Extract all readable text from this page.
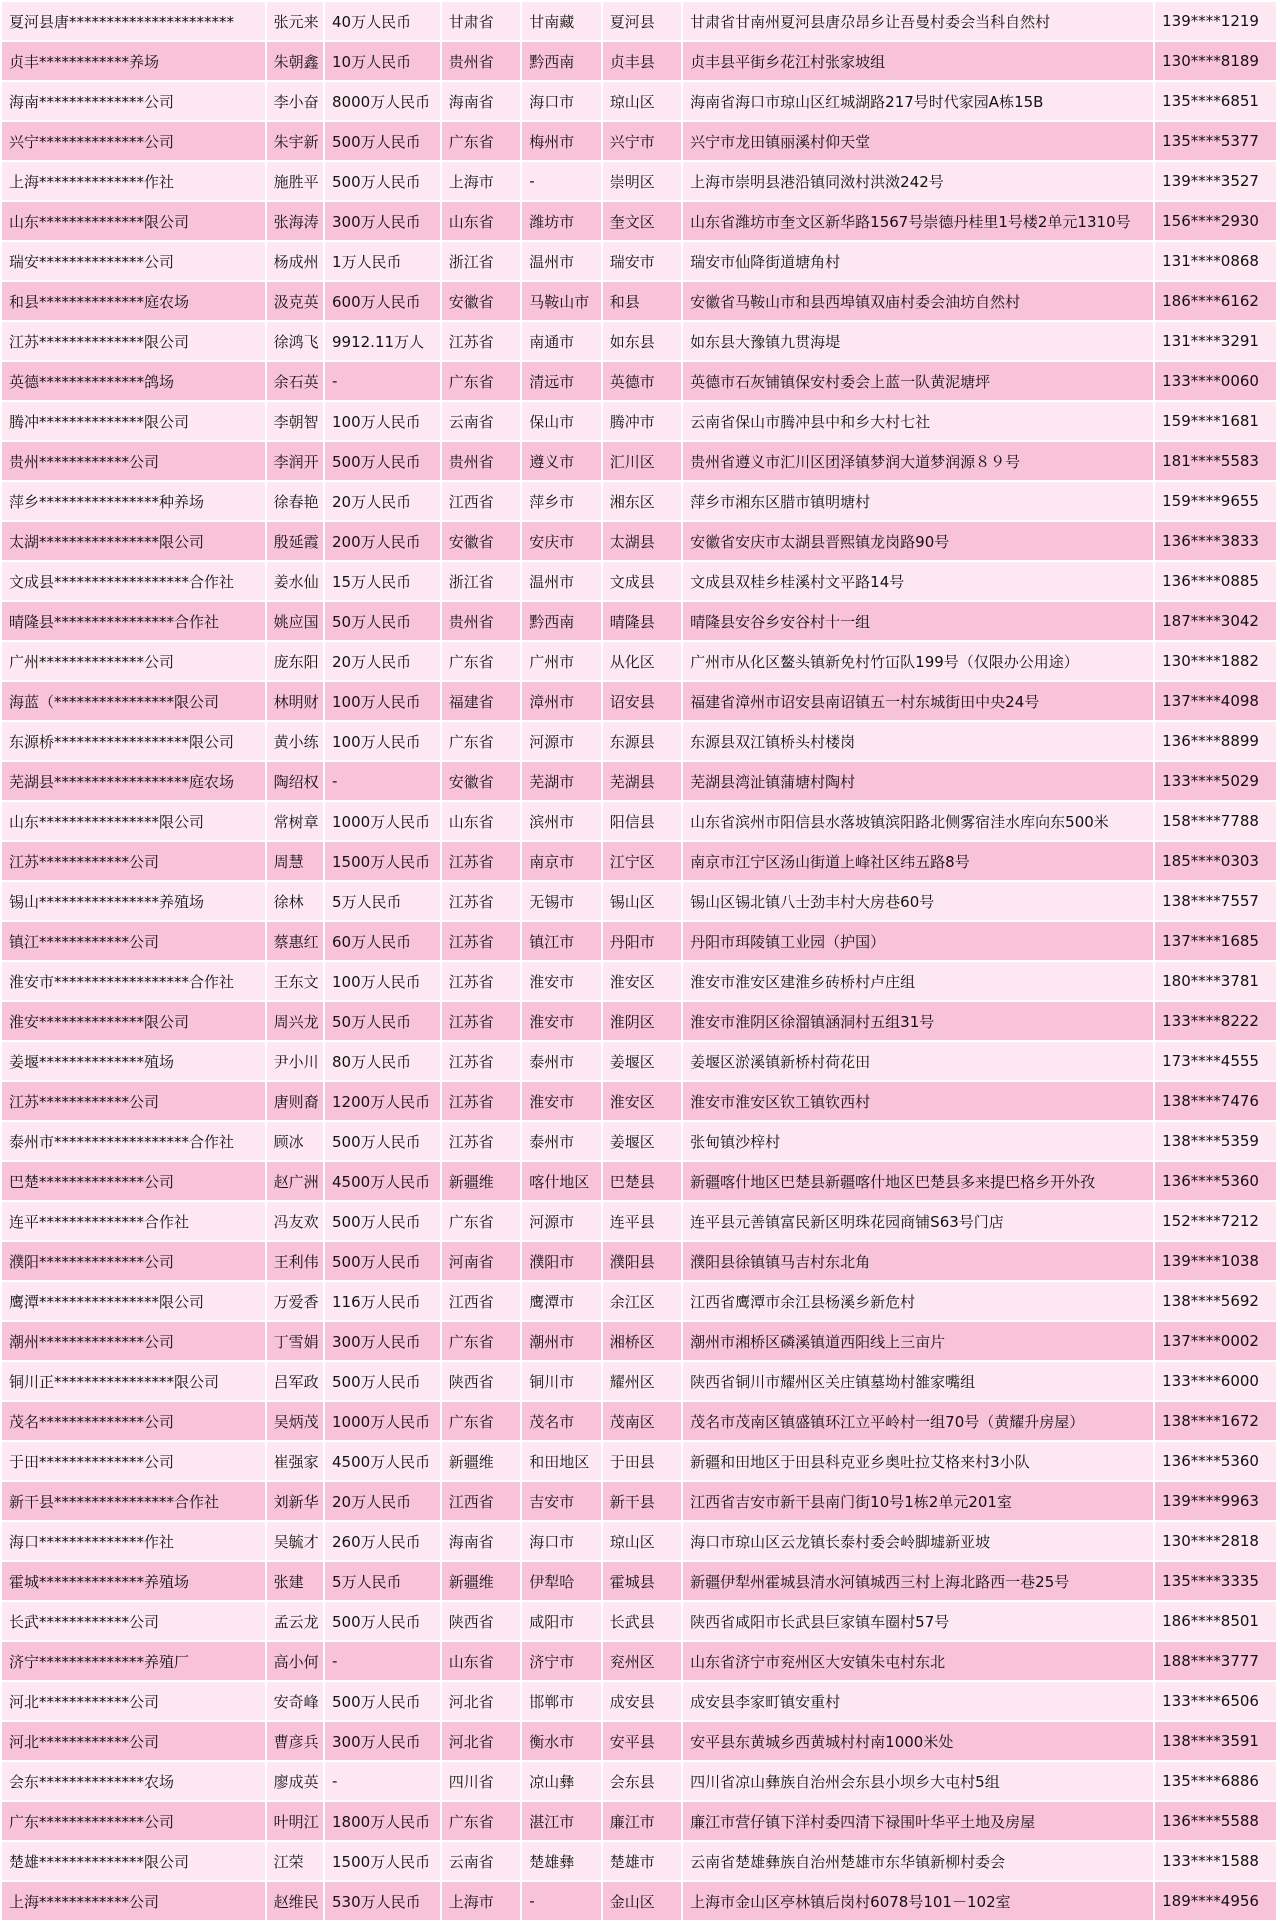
夏河县唐**********************	张元来	40万人民币	甘肃省	甘南藏	夏河县	甘肃省甘南州夏河县唐尕昂乡让吾曼村委会当科自然村	139****1219
贞丰************养场	朱朝鑫	10万人民币	贵州省	黔西南	贞丰县	贞丰县平街乡花江村张家坡组	130****8189
海南**************公司	李小奋	8000万人民币	海南省	海口市	琼山区	海南省海口市琼山区红城湖路217号时代家园A栋15B	135****6851
兴宁**************公司	朱宇新	500万人民币	广东省	梅州市	兴宁市	兴宁市龙田镇丽溪村仰天堂	135****5377
上海**************作社	施胜平	500万人民币	上海市	-	崇明区	上海市崇明县港沿镇同滧村洪滧242号	139****3527
山东**************限公司	张海涛	300万人民币	山东省	潍坊市	奎文区	山东省潍坊市奎文区新华路1567号崇德丹桂里1号楼2单元1310号	156****2930
瑞安**************公司	杨成州	1万人民币	浙江省	温州市	瑞安市	瑞安市仙降街道塘角村	131****0868
和县**************庭农场	汲克英	600万人民币	安徽省	马鞍山市	和县	安徽省马鞍山市和县西埠镇双庙村委会油坊自然村	186****6162
江苏**************限公司	徐鸿飞	9912.11万人	江苏省	南通市	如东县	如东县大豫镇九贯海堤	131****3291
英德**************鸽场	余石英	-	广东省	清远市	英德市	英德市石灰铺镇保安村委会上蓝一队黄泥塘坪	133****0060
腾冲**************限公司	李朝智	100万人民币	云南省	保山市	腾冲市	云南省保山市腾冲县中和乡大村七社	159****1681
贵州************公司	李润开	500万人民币	贵州省	遵义市	汇川区	贵州省遵义市汇川区团泽镇梦润大道梦润源８９号	181****5583
萍乡****************种养场	徐春艳	20万人民币	江西省	萍乡市	湘东区	萍乡市湘东区腊市镇明塘村	159****9655
太湖****************限公司	殷延霞	200万人民币	安徽省	安庆市	太湖县	安徽省安庆市太湖县晋熙镇龙岗路90号	136****3833
文成县******************合作社	姜水仙	15万人民币	浙江省	温州市	文成县	文成县双桂乡桂溪村文平路14号	136****0885
晴隆县****************合作社	姚应国	50万人民币	贵州省	黔西南	晴隆县	晴隆县安谷乡安谷村十一组	187****3042
广州**************公司	庞东阳	20万人民币	广东省	广州市	从化区	广州市从化区鳌头镇新免村竹冚队199号（仅限办公用途）	130****1882
海蓝（****************限公司	林明财	100万人民币	福建省	漳州市	诏安县	福建省漳州市诏安县南诏镇五一村东城街田中央24号	137****4098
东源桥******************限公司	黄小练	100万人民币	广东省	河源市	东源县	东源县双江镇桥头村楼岗	136****8899
芜湖县******************庭农场	陶绍权	-	安徽省	芜湖市	芜湖县	芜湖县湾沚镇蒲塘村陶村	133****5029
山东****************限公司	常树章	1000万人民币	山东省	滨州市	阳信县	山东省滨州市阳信县水落坡镇滨阳路北侧雾宿洼水库向东500米	158****7788
江苏************公司	周慧	1500万人民币	江苏省	南京市	江宁区	南京市江宁区汤山街道上峰社区纬五路8号	185****0303
锡山****************养殖场	徐林	5万人民币	江苏省	无锡市	锡山区	锡山区锡北镇八士劲丰村大房巷60号	138****7557
镇江************公司	蔡惠红	60万人民币	江苏省	镇江市	丹阳市	丹阳市珥陵镇工业园（护国）	137****1685
淮安市******************合作社	王东文	100万人民币	江苏省	淮安市	淮安区	淮安市淮安区建淮乡砖桥村卢庄组	180****3781
淮安**************限公司	周兴龙	50万人民币	江苏省	淮安市	淮阴区	淮安市淮阴区徐溜镇涵洞村五组31号	133****8222
姜堰**************殖场	尹小川	80万人民币	江苏省	泰州市	姜堰区	姜堰区淤溪镇新桥村荷花田	173****4555
江苏************公司	唐则裔	1200万人民币	江苏省	淮安市	淮安区	淮安市淮安区钦工镇钦西村	138****7476
泰州市******************合作社	顾冰	500万人民币	江苏省	泰州市	姜堰区	张甸镇沙梓村	138****5359
巴楚**************公司	赵广洲	4500万人民币	新疆维	喀什地区	巴楚县	新疆喀什地区巴楚县新疆喀什地区巴楚县多来提巴格乡开外孜	136****5360
连平**************合作社	冯友欢	500万人民币	广东省	河源市	连平县	连平县元善镇富民新区明珠花园商铺S63号门店	152****7212
濮阳**************公司	王利伟	500万人民币	河南省	濮阳市	濮阳县	濮阳县徐镇镇马吉村东北角	139****1038
鹰潭****************限公司	万爱香	116万人民币	江西省	鹰潭市	余江区	江西省鹰潭市余江县杨溪乡新危村	138****5692
潮州**************公司	丁雪娟	300万人民币	广东省	潮州市	湘桥区	潮州市湘桥区磷溪镇道西阳线上三亩片	137****0002
铜川正****************限公司	吕军政	500万人民币	陕西省	铜川市	耀州区	陕西省铜川市耀州区关庄镇墓坳村雒家嘴组	133****6000
茂名**************公司	吴炳茂	1000万人民币	广东省	茂名市	茂南区	茂名市茂南区镇盛镇环江立平岭村一组70号（黄耀升房屋）	138****1672
于田**************公司	崔强家	4500万人民币	新疆维	和田地区	于田县	新疆和田地区于田县科克亚乡奥吐拉艾格来村3小队	136****5360
新干县****************合作社	刘新华	20万人民币	江西省	吉安市	新干县	江西省吉安市新干县南门街10号1栋2单元201室	139****9963
海口**************作社	吴毓才	260万人民币	海南省	海口市	琼山区	海口市琼山区云龙镇长泰村委会岭脚墟新亚坡	130****2818
霍城**************养殖场	张建	5万人民币	新疆维	伊犁哈	霍城县	新疆伊犁州霍城县清水河镇城西三村上海北路西一巷25号	135****3335
长武************公司	孟云龙	500万人民币	陕西省	咸阳市	长武县	陕西省咸阳市长武县巨家镇车圈村57号	186****8501
济宁**************养殖厂	高小何	-	山东省	济宁市	兖州区	山东省济宁市兖州区大安镇朱屯村东北	188****3777
河北************公司	安奇峰	500万人民币	河北省	邯郸市	成安县	成安县李家町镇安重村	133****6506
河北************公司	曹彦兵	300万人民币	河北省	衡水市	安平县	安平县东黄城乡西黄城村村南1000米处	138****3591
会东**************农场	廖成英	-	四川省	凉山彝	会东县	四川省凉山彝族自治州会东县小坝乡大屯村5组	135****6886
广东**************公司	叶明江	1800万人民币	广东省	湛江市	廉江市	廉江市营仔镇下洋村委四清下禄围叶华平土地及房屋	136****5588
楚雄**************限公司	江荣	1500万人民币	云南省	楚雄彝	楚雄市	云南省楚雄彝族自治州楚雄市东华镇新柳村委会	133****1588
上海************公司	赵维民	530万人民币	上海市	-	金山区	上海市金山区亭林镇后岗村6078号101－102室	189****4956
